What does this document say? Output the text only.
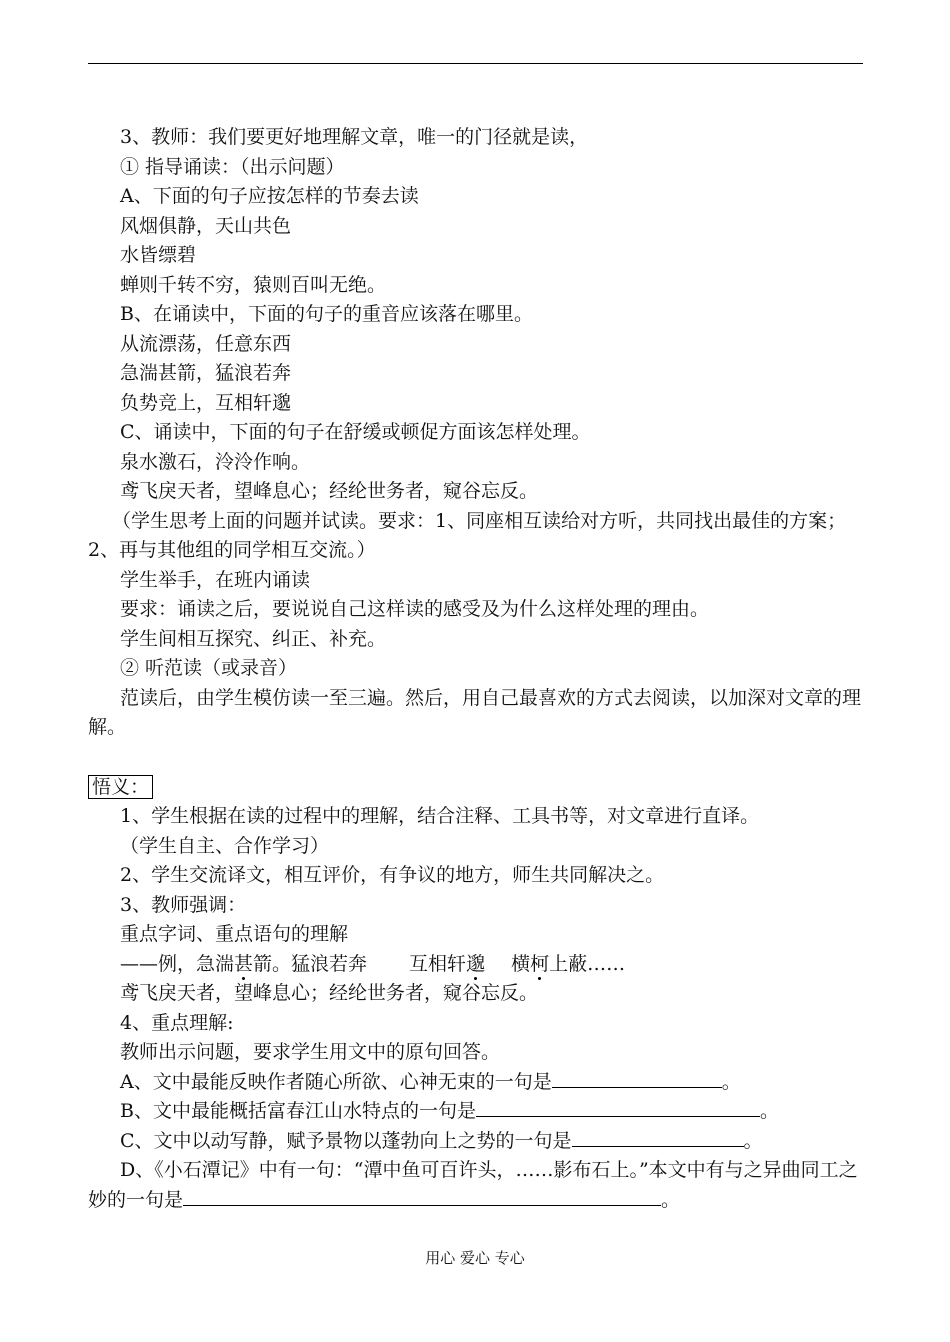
3、教师：我们要更好地理解文章，唯一的门径就是读，
① 指导诵读：（出示问题）
A、下面的句子应按怎样的节奏去读
风烟俱静，天山共色
水皆缥碧
蝉则千转不穷，猿则百叫无绝。
B、在诵读中，下面的句子的重音应该落在哪里。
从流漂荡，任意东西
急湍甚箭，猛浪若奔
负势竞上，互相轩邈
C、诵读中，下面的句子在舒缓或顿促方面该怎样处理。
泉水激石，泠泠作响。
鸢飞戾天者，望峰息心；经纶世务者，窥谷忘反。
（学生思考上面的问题并试读。要求：1、同座相互读给对方听，共同找出最佳的方案；2、再与其他组的同学相互交流。）
学生举手，在班内诵读
要求：诵读之后，要说说自己这样读的感受及为什么这样处理的理由。
学生间相互探究、纠正、补充。
② 听范读（或录音）
范读后，由学生模仿读一至三遍。然后，用自己最喜欢的方式去阅读，以加深对文章的理解。
悟义：
1、学生根据在读的过程中的理解，结合注释、工具书等，对文章进行直译。
（学生自主、合作学习）
2、学生交流译文，相互评价，有争议的地方，师生共同解决之。
3、教师强调：
重点字词、重点语句的理解
——例，急湍甚箭。猛浪若奔 互相轩邈 横柯上蔽……
鸢飞戾天者，望峰息心；经纶世务者，窥谷忘反。
4、重点理解:
教师出示问题，要求学生用文中的原句回答。
A、文中最能反映作者随心所欲、心神无束的一句是	。
B、文中最能概括富春江山水特点的一句是	。
C、文中以动写静，赋予景物以蓬勃向上之势的一句是	。
D、《小石潭记》中有一句：“潭中鱼可百许头，……影布石上。”本文中有与之异曲同工之妙的一句是	。
用心 爱心 专心
